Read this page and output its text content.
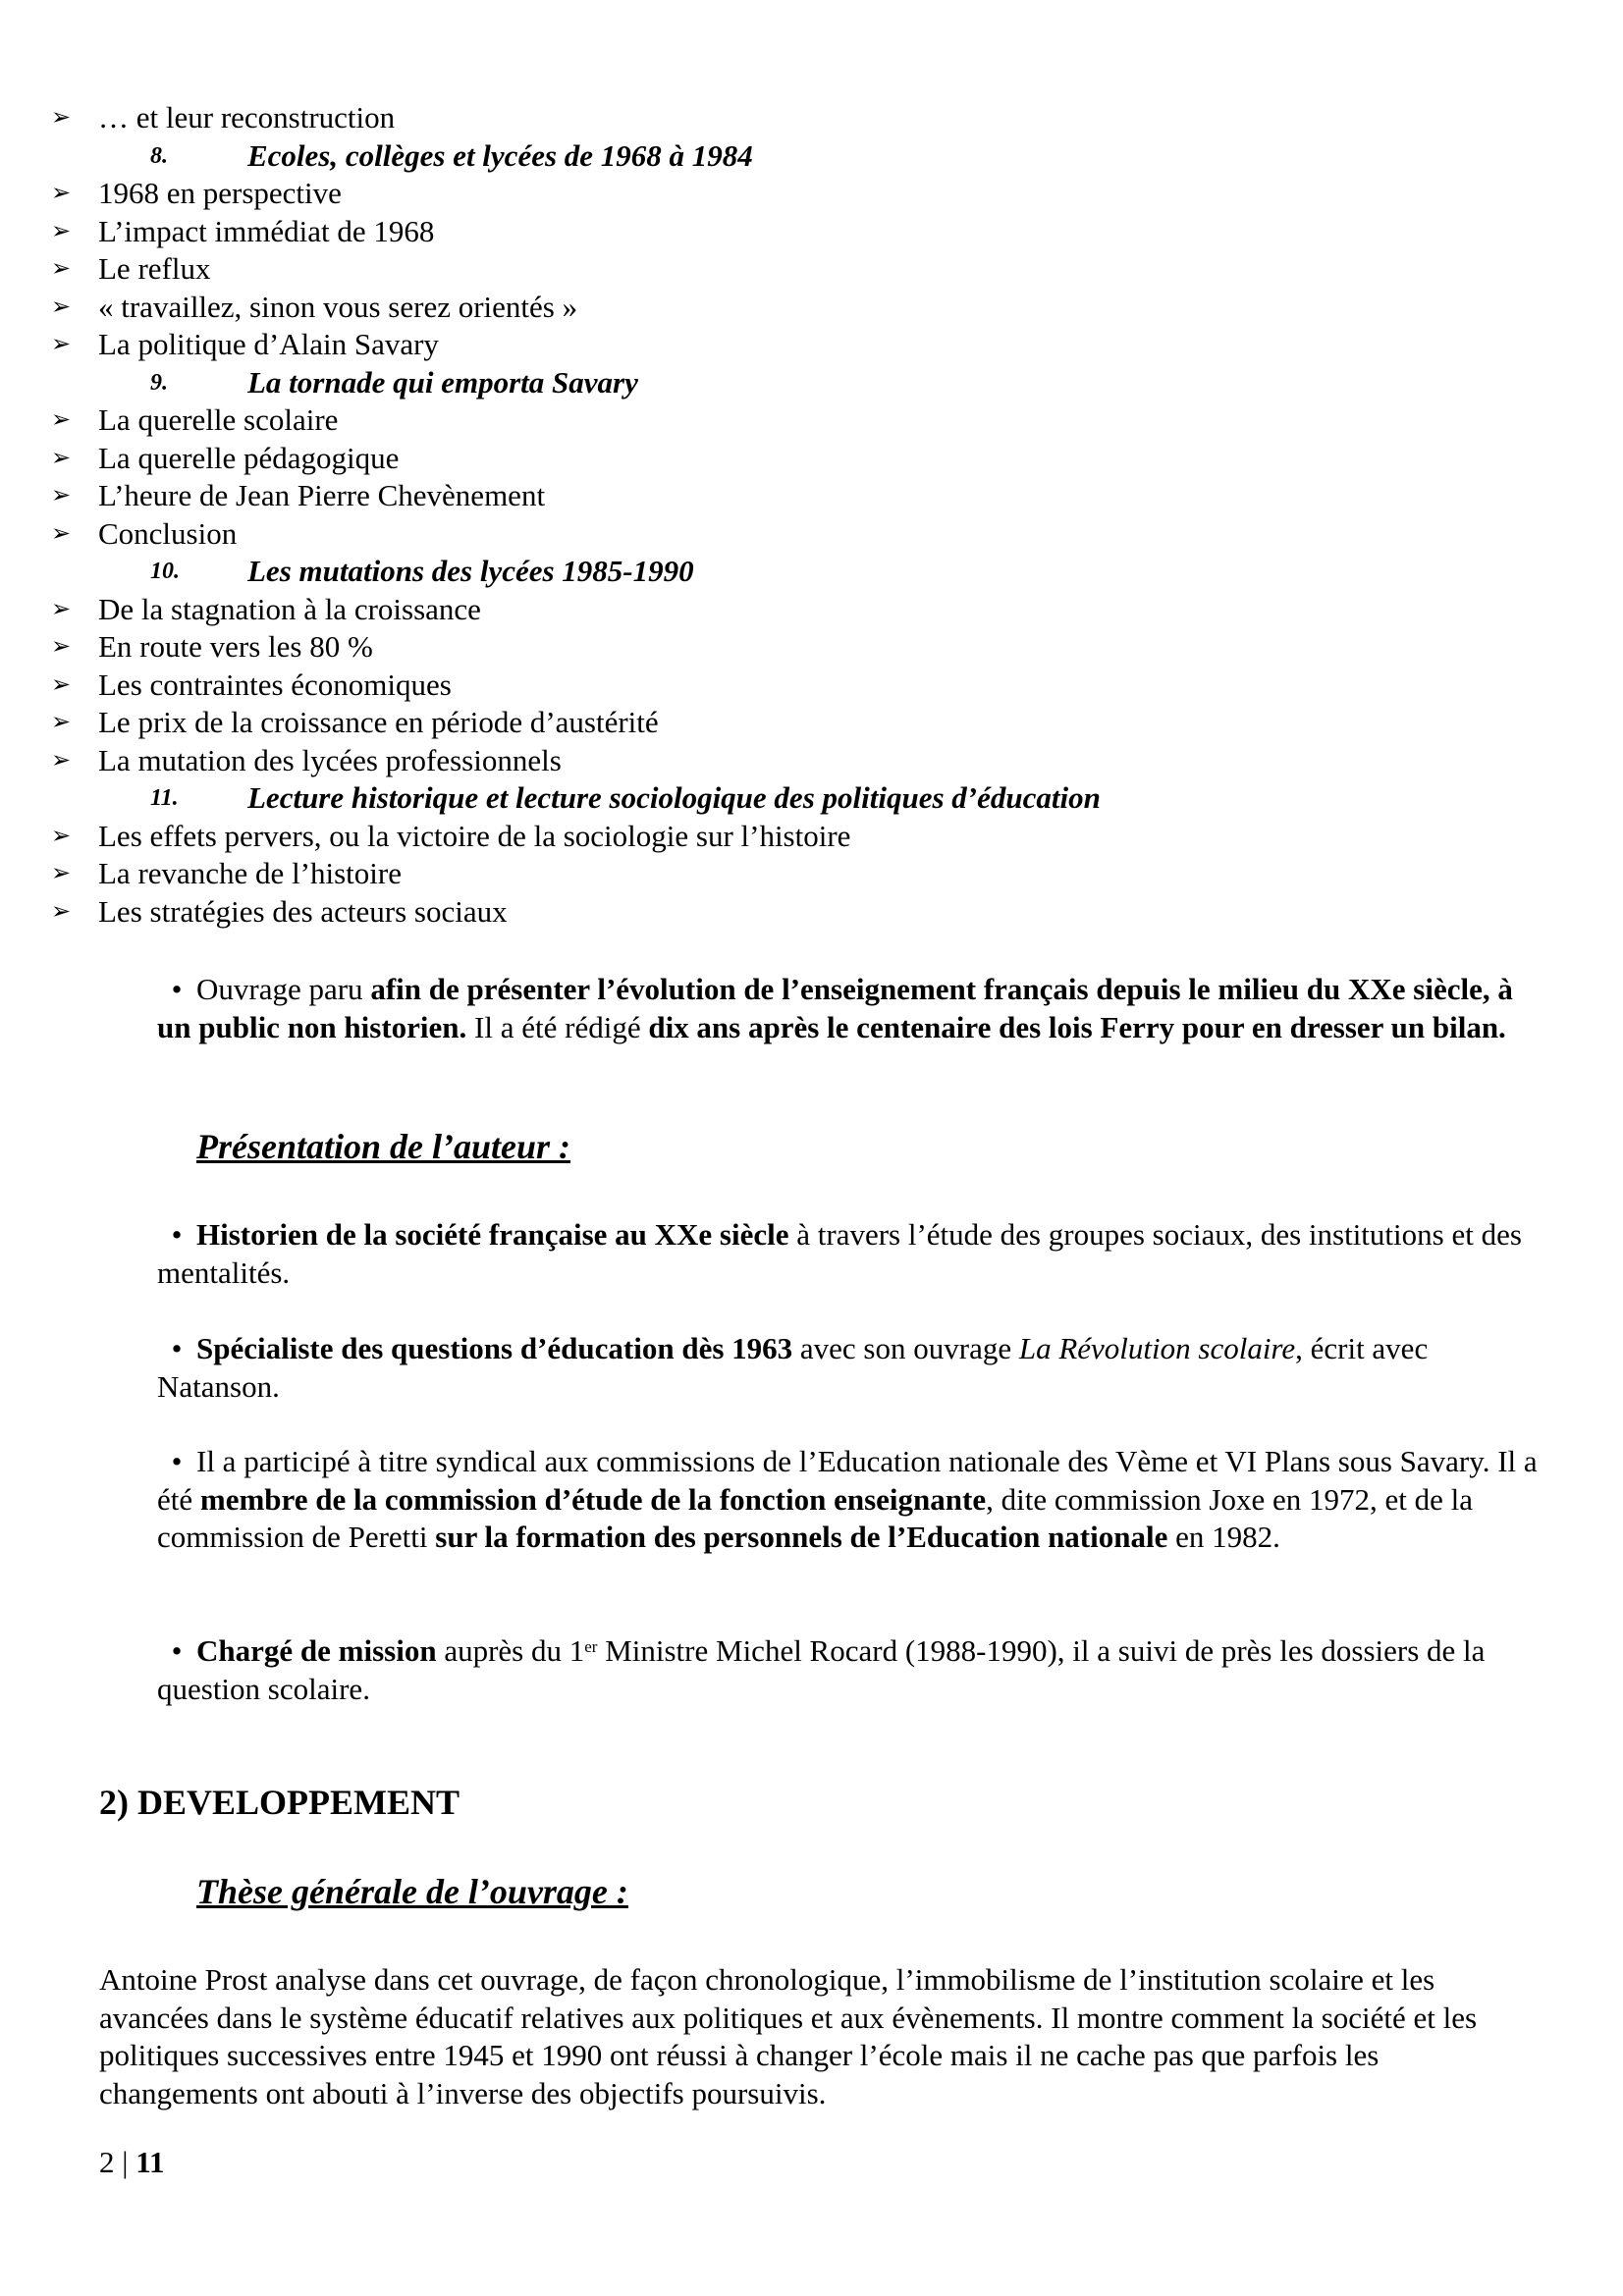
➢ … et leur reconstruction
8.	Ecoles, collèges et lycées de 1968 à 1984
➢ 1968 en perspective
➢ L’impact immédiat de 1968
➢ Le reflux
➢ « travaillez, sinon vous serez orientés »
➢ La politique d’Alain Savary
9.	La tornade qui emporta Savary
➢ La querelle scolaire
➢ La querelle pédagogique
➢ L’heure de Jean Pierre Chevènement
➢ Conclusion
10. Les mutations des lycées 1985-1990
➢ De la stagnation à la croissance
➢ En route vers les 80 %
➢ Les contraintes économiques
➢ Le prix de la croissance en période d’austérité
➢ La mutation des lycées professionnels
11. Lecture historique et lecture sociologique des politiques d’éducation
➢ Les effets pervers, ou la victoire de la sociologie sur l’histoire
➢ La revanche de l’histoire
➢ Les stratégies des acteurs sociaux
• Ouvrage paru afin de présenter l’évolution de l’enseignement français depuis le milieu du XXe siècle, à un public non historien. Il a été rédigé dix ans après le centenaire des lois Ferry pour en dresser un bilan.
Présentation de l’auteur :
• Historien de la société française au XXe siècle à travers l’étude des groupes sociaux, des institutions et des mentalités.
• Spécialiste des questions d’éducation dès 1963 avec son ouvrage La Révolution scolaire, écrit avec Natanson.
• Il a participé à titre syndical aux commissions de l’Education nationale des Vème et VI Plans sous Savary. Il a été membre de la commission d’étude de la fonction enseignante, dite commission Joxe en 1972, et de la commission de Peretti sur la formation des personnels de l’Education nationale en 1982.
• Chargé de mission auprès du 1er Ministre Michel Rocard (1988-1990), il a suivi de près les dossiers de la question scolaire.
2) DEVELOPPEMENT
Thèse générale de l’ouvrage :
Antoine Prost analyse dans cet ouvrage, de façon chronologique, l’immobilisme de l’institution scolaire et les avancées dans le système éducatif relatives aux politiques et aux évènements. Il montre comment la société et les politiques successives entre 1945 et 1990 ont réussi à changer l’école mais il ne cache pas que parfois les changements ont abouti à l’inverse des objectifs poursuivis.
2 | 11
